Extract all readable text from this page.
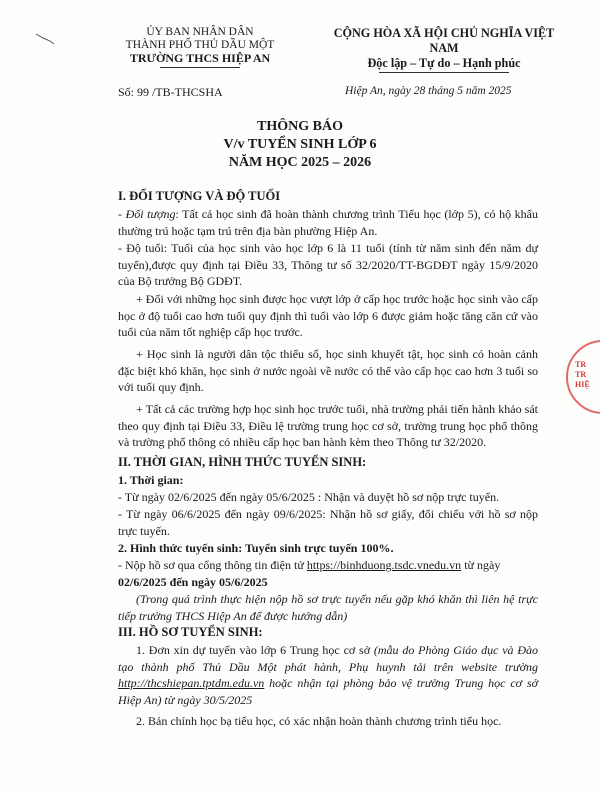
ỦY BAN NHÂN DÂN
THÀNH PHỐ THỦ DẦU MỘT
TRƯỜNG THCS HIỆP AN
CỘNG HÒA XÃ HỘI CHỦ NGHĨA VIỆT NAM
Độc lập – Tự do – Hạnh phúc
Số: 99 /TB-THCSHA	Hiệp An, ngày 28 tháng 5 năm 2025
THÔNG BÁO
V/v TUYỂN SINH LỚP 6
NĂM HỌC 2025 – 2026
I. ĐỐI TƯỢNG VÀ ĐỘ TUỔI

- Đối tượng: Tất cả học sinh đã hoàn thành chương trình Tiểu học (lớp 5), có hộ khẩu thường trú hoặc tạm trú trên địa bàn phường Hiệp An.

- Độ tuổi: Tuổi của học sinh vào học lớp 6 là 11 tuổi (tính từ năm sinh đến năm dự tuyển),được quy định tại Điều 33, Thông tư số 32/2020/TT-BGDĐT ngày 15/9/2020 của Bộ trưởng Bộ GDĐT.

+ Đối với những học sinh được học vượt lớp ở cấp học trước hoặc học sinh vào cấp học ở độ tuổi cao hơn tuổi quy định thì tuổi vào lớp 6 được giảm hoặc tăng căn cứ vào tuổi của năm tốt nghiệp cấp học trước.

+ Học sinh là người dân tộc thiểu số, học sinh khuyết tật, học sinh có hoàn cảnh đặc biệt khó khăn, học sinh ở nước ngoài về nước có thể vào cấp học cao hơn 3 tuổi so với tuổi quy định.

+ Tất cả các trường hợp học sinh học trước tuổi, nhà trường phải tiến hành khảo sát theo quy định tại Điều 33, Điều lệ trường trung học cơ sở, trường trung học phổ thông và trường phổ thông có nhiều cấp học ban hành kèm theo Thông tư 32/2020.

II. THỜI GIAN, HÌNH THỨC TUYỂN SINH:

1. Thời gian:

- Từ ngày 02/6/2025 đến ngày 05/6/2025 : Nhận và duyệt hồ sơ nộp trực tuyến.

- Từ ngày 06/6/2025 đến ngày 09/6/2025: Nhận hồ sơ giấy, đối chiếu với hồ sơ nộp trực tuyến.

2. Hình thức tuyển sinh: Tuyển sinh trực tuyến 100%.

- Nộp hồ sơ qua cổng thông tin điện tử https://binhduong.tsdc.vnedu.vn từ ngày

02/6/2025 đến ngày 05/6/2025

(Trong quá trình thực hiện nộp hồ sơ trực tuyến nếu gặp khó khăn thì liên hệ trực tiếp trường THCS Hiệp An để được hướng dẫn)

III. HỒ SƠ TUYỂN SINH:

1. Đơn xin dự tuyển vào lớp 6 Trung học cơ sở (mẫu do Phòng Giáo dục và Đào tạo thành phố Thủ Dầu Một phát hành, Phụ huynh tải trên website trường http://thcshiepan.tptdm.edu.vn hoặc nhận tại phòng bảo vệ trường Trung học cơ sở Hiệp An) từ ngày 30/5/2025

2. Bản chính học bạ tiểu học, có xác nhận hoàn thành chương trình tiểu học.

TR
TR
HIỆ
